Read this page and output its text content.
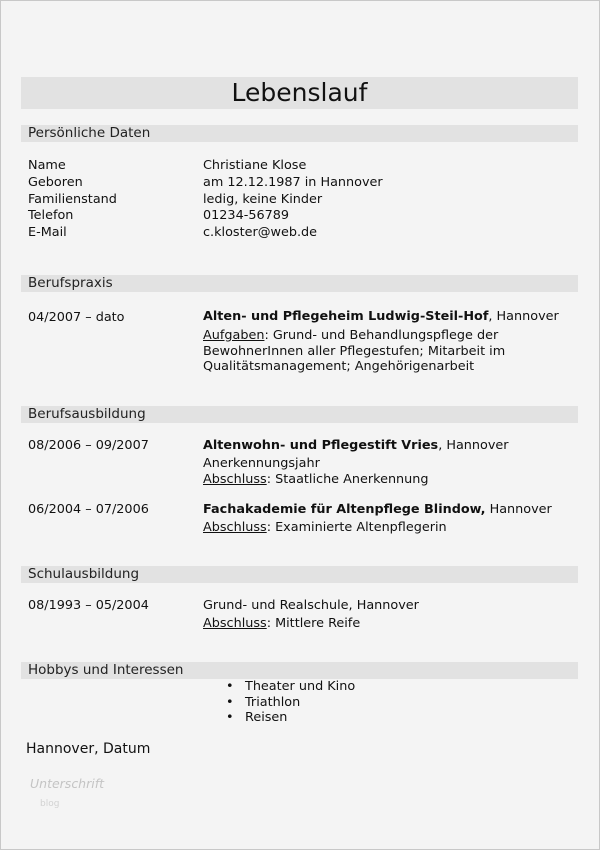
Lebenslauf
Persönliche Daten
Name	Christiane Klose
Geboren	am 12.12.1987 in Hannover
Familienstand	ledig, keine Kinder
Telefon	01234-56789
E-Mail	c.kloster@web.de
Berufspraxis
04/2007 – dato	Alten- und Pflegeheim Ludwig-Steil-Hof, Hannover
Aufgaben: Grund- und Behandlungspflege der
BewohnerInnen aller Pflegestufen; Mitarbeit im
Qualitätsmanagement; Angehörigenarbeit
Berufsausbildung
08/2006 – 09/2007	Altenwohn- und Pflegestift Vries, Hannover
Anerkennungsjahr
Abschluss: Staatliche Anerkennung
06/2004 – 07/2006	Fachakademie für Altenpflege Blindow, Hannover
Abschluss: Examinierte Altenpflegerin
Schulausbildung
08/1993 – 05/2004	Grund- und Realschule, Hannover
Abschluss: Mittlere Reife
Hobbys und Interessen
• Theater und Kino
• Triathlon
• Reisen
Hannover, Datum
Unterschrift
blog
